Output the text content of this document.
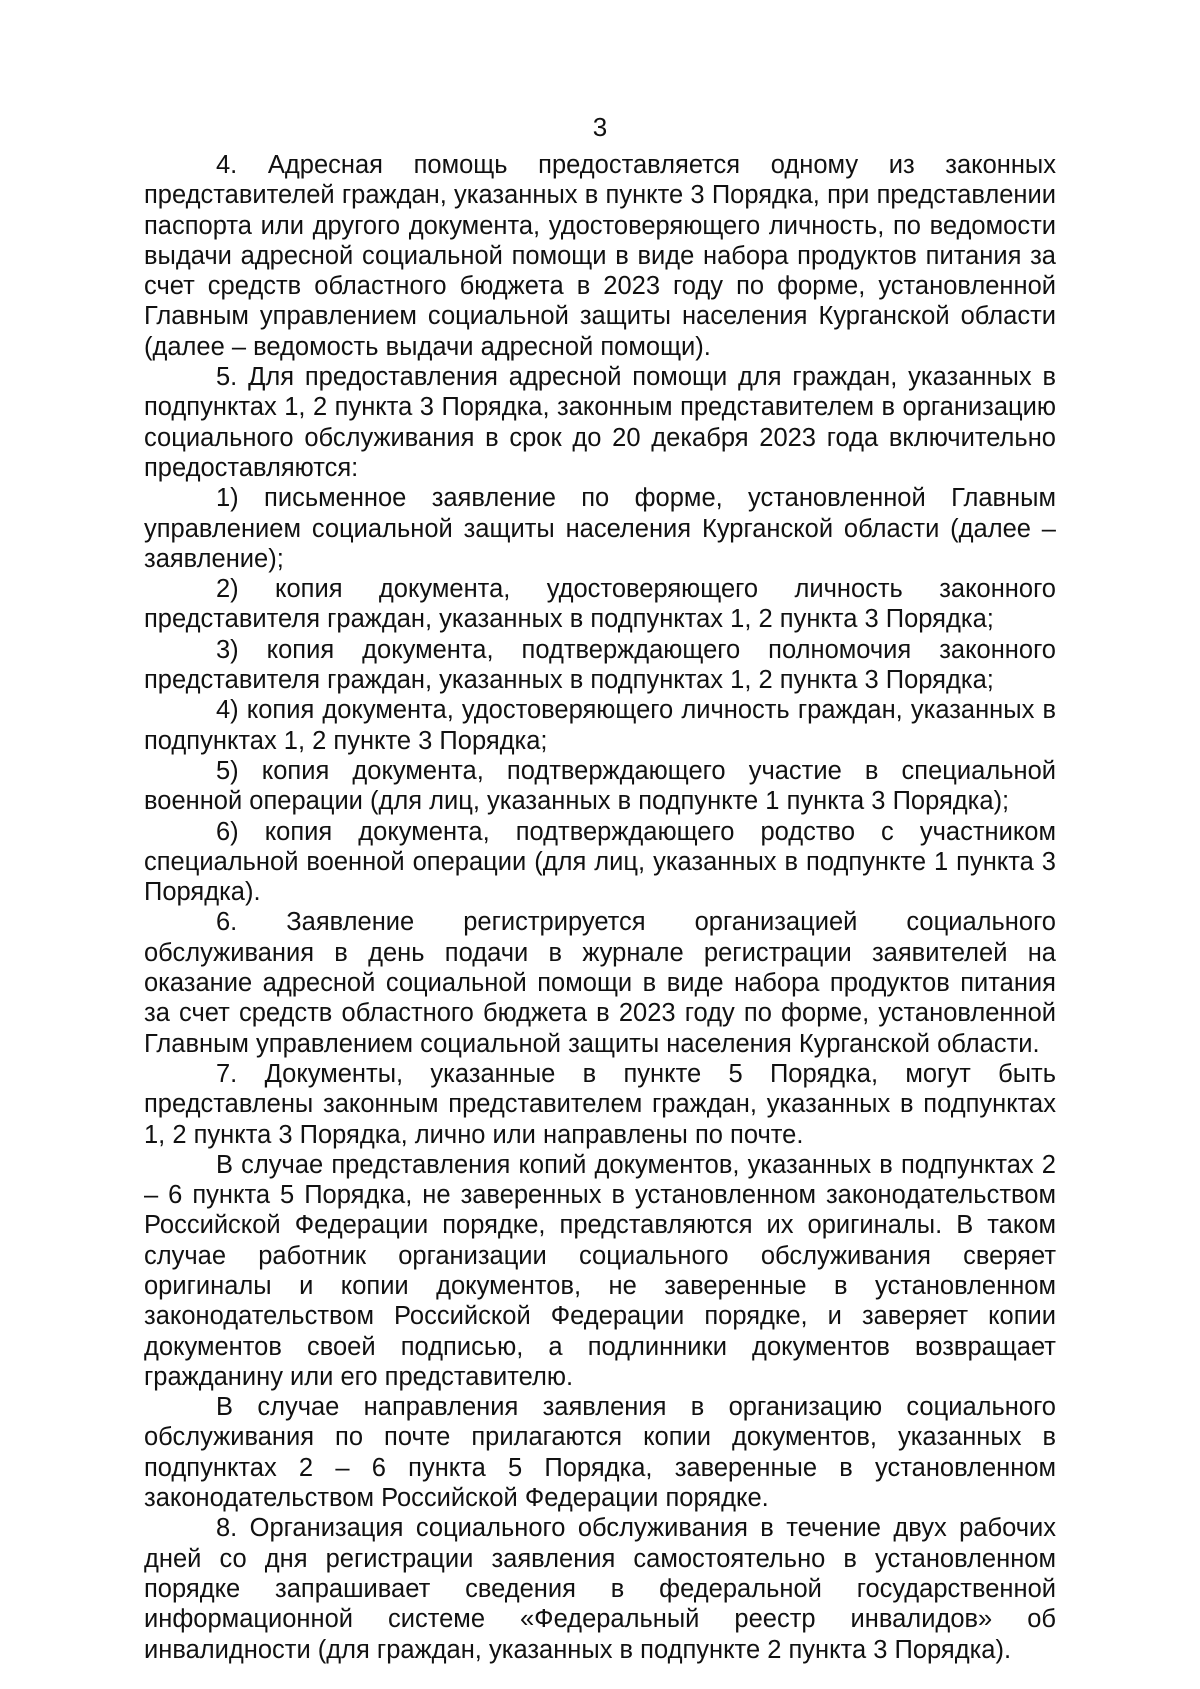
3

4. Адресная помощь предоставляется одному из законных представителей граждан, указанных в пункте 3 Порядка, при представлении паспорта или другого документа, удостоверяющего личность, по ведомости выдачи адресной социальной помощи в виде набора продуктов питания за счет средств областного бюджета в 2023 году по форме, установленной Главным управлением социальной защиты населения Курганской области (далее – ведомость выдачи адресной помощи).

5. Для предоставления адресной помощи для граждан, указанных в подпунктах 1, 2 пункта 3 Порядка, законным представителем в организацию социального обслуживания в срок до 20 декабря 2023 года включительно предоставляются:

1) письменное заявление по форме, установленной Главным управлением социальной защиты населения Курганской области (далее – заявление);

2) копия документа, удостоверяющего личность законного представителя граждан, указанных в подпунктах 1, 2 пункта 3 Порядка;

3) копия документа, подтверждающего полномочия законного представителя граждан, указанных в подпунктах 1, 2 пункта 3 Порядка;

4) копия документа, удостоверяющего личность граждан, указанных в подпунктах 1, 2 пункте 3 Порядка;

5) копия документа, подтверждающего участие в специальной военной операции (для лиц, указанных в подпункте 1 пункта 3 Порядка);

6) копия документа, подтверждающего родство с участником специальной военной операции (для лиц, указанных в подпункте 1 пункта 3 Порядка).

6. Заявление регистрируется организацией социального обслуживания в день подачи в журнале регистрации заявителей на оказание адресной социальной помощи в виде набора продуктов питания за счет средств областного бюджета в 2023 году по форме, установленной Главным управлением социальной защиты населения Курганской области.

7. Документы, указанные в пункте 5 Порядка, могут быть представлены законным представителем граждан, указанных в подпунктах 1, 2 пункта 3 Порядка, лично или направлены по почте.

В случае представления копий документов, указанных в подпунктах 2 – 6 пункта 5 Порядка, не заверенных в установленном законодательством Российской Федерации порядке, представляются их оригиналы. В таком случае работник организации социального обслуживания сверяет оригиналы и копии документов, не заверенные в установленном законодательством Российской Федерации порядке, и заверяет копии документов своей подписью, а подлинники документов возвращает гражданину или его представителю.

В случае направления заявления в организацию социального обслуживания по почте прилагаются копии документов, указанных в подпунктах 2 – 6 пункта 5 Порядка, заверенные в установленном законодательством Российской Федерации порядке.

8. Организация социального обслуживания в течение двух рабочих дней со дня регистрации заявления самостоятельно в установленном порядке запрашивает сведения в федеральной государственной информационной системе «Федеральный реестр инвалидов» об инвалидности (для граждан, указанных в подпункте 2 пункта 3 Порядка).
